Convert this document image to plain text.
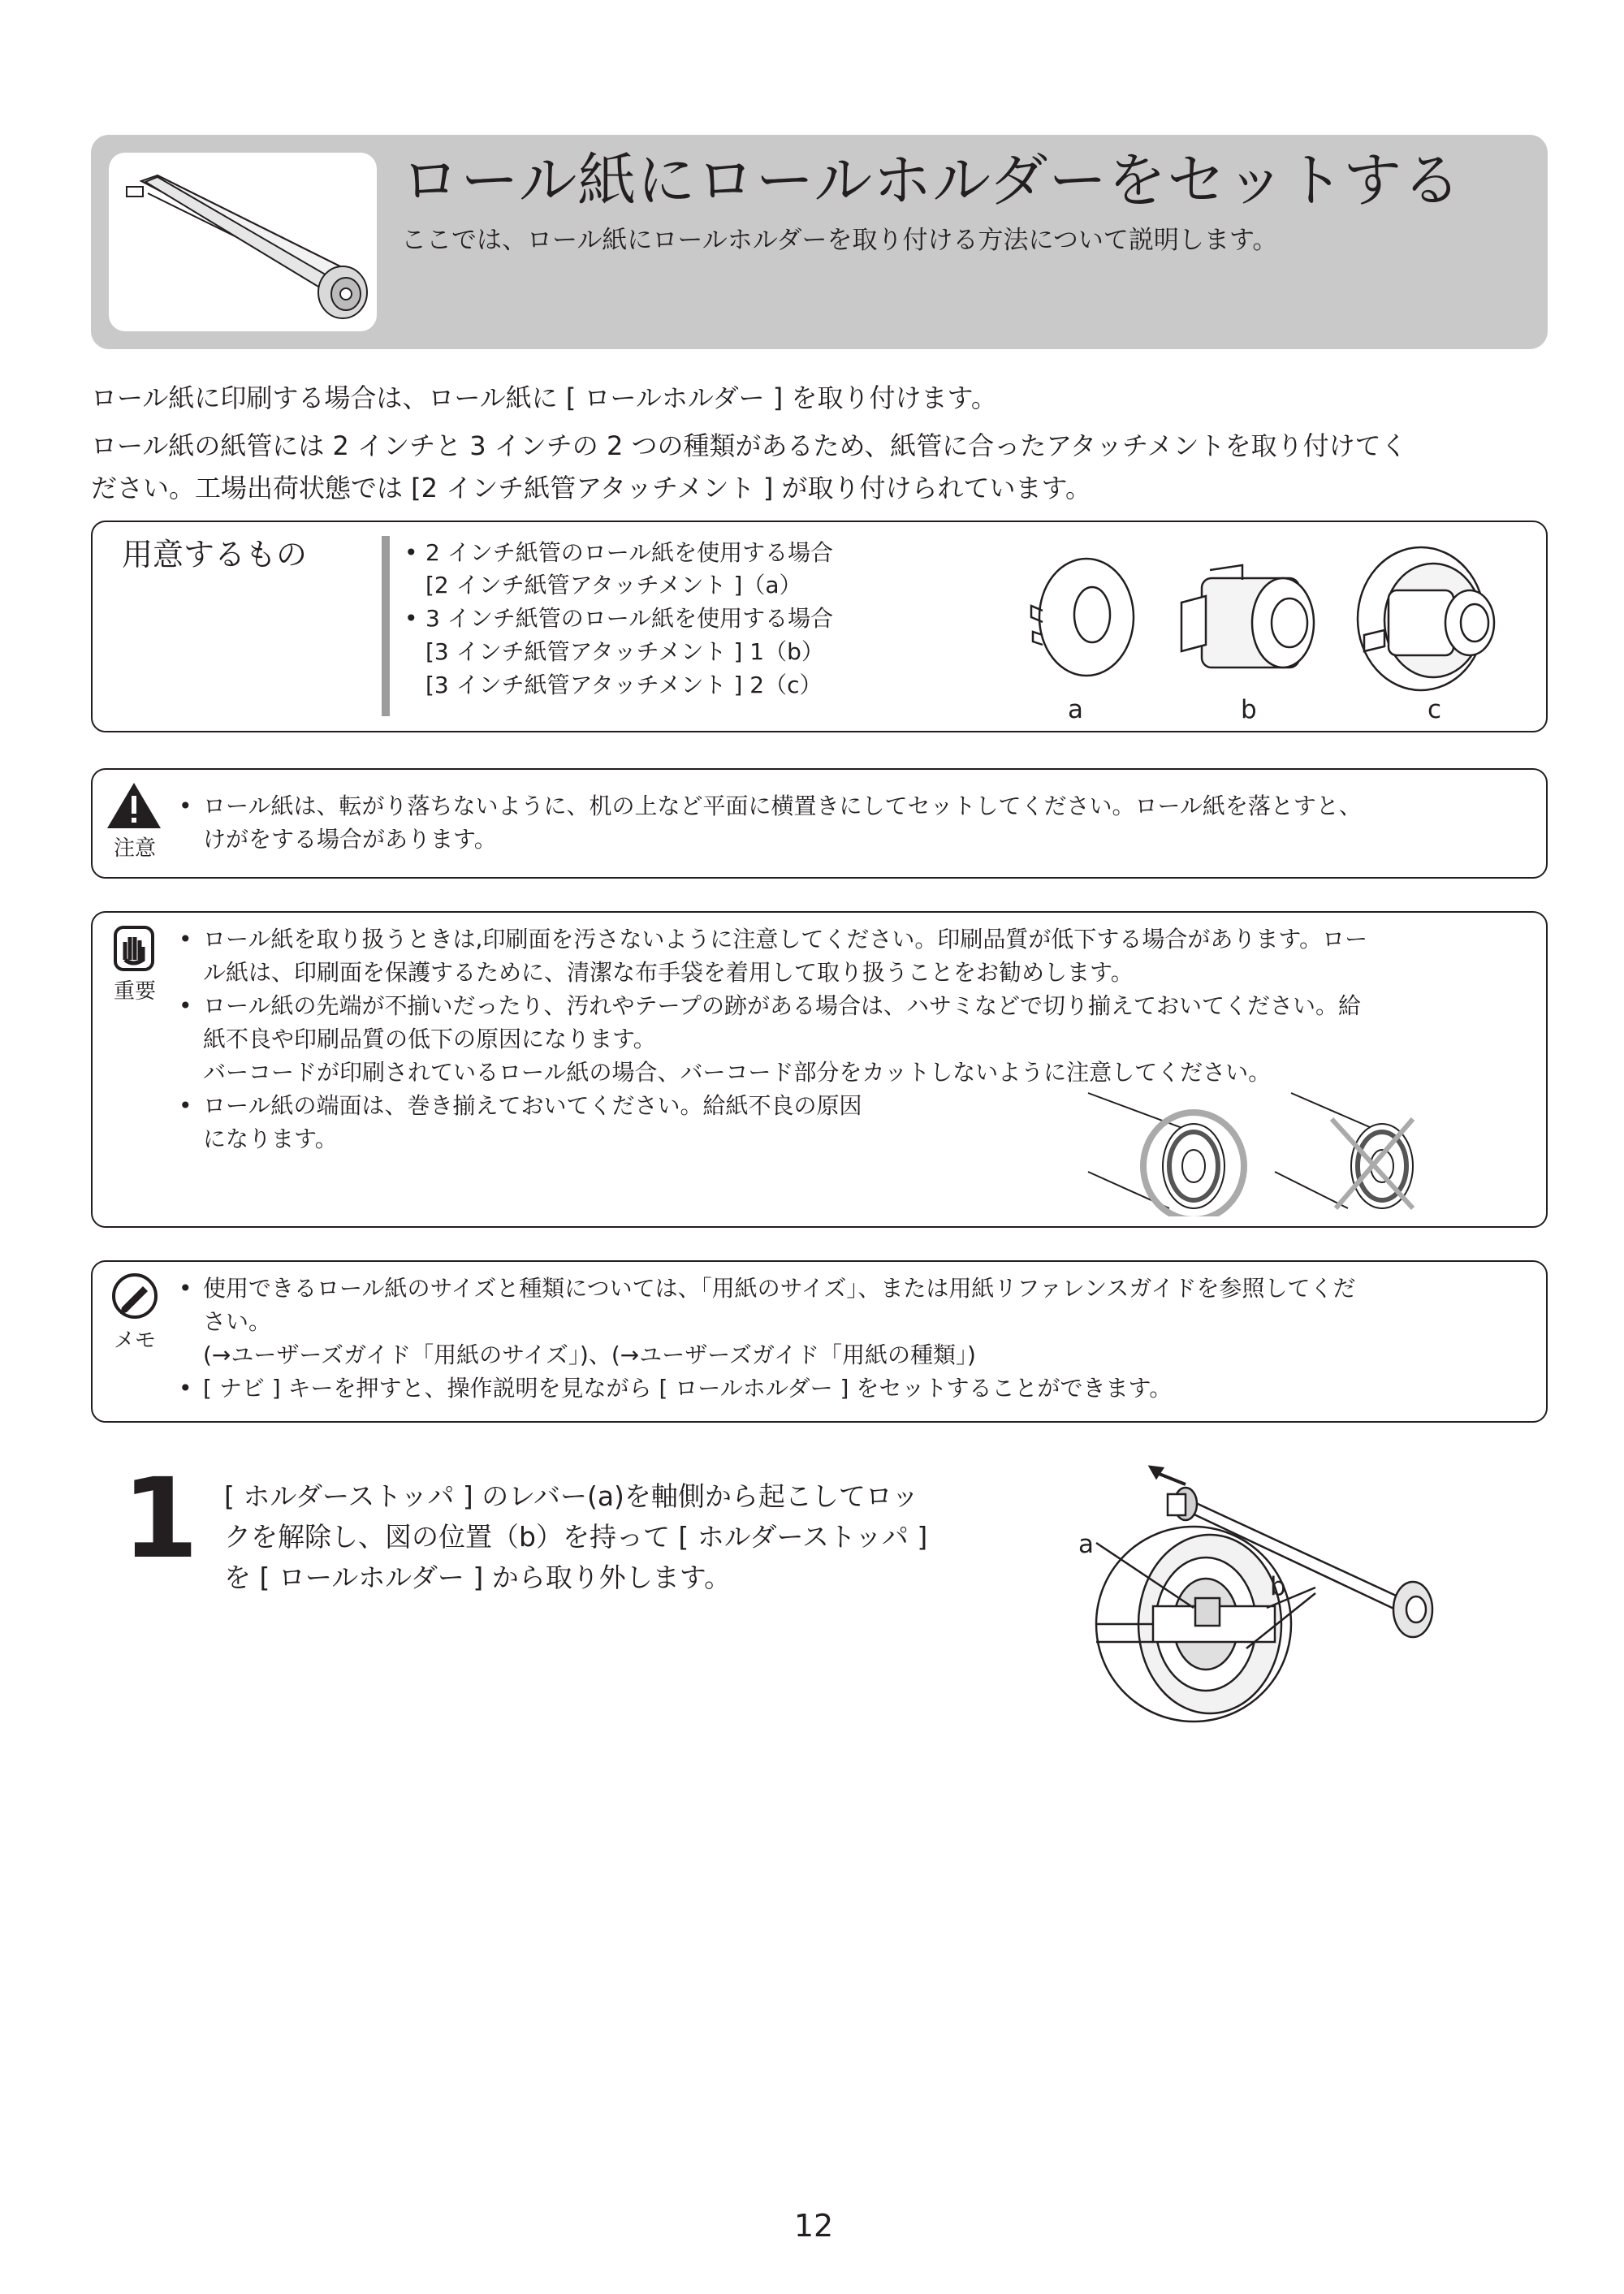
ロール紙にロールホルダーをセットする
ここでは、ロール紙にロールホルダーを取り付ける方法について説明します。
ロール紙に印刷する場合は、ロール紙に [ ロールホルダー ] を取り付けます。
ロール紙の紙管には 2 インチと 3 インチの 2 つの種類があるため、紙管に合ったアタッチメントを取り付けてく
ださい。工場出荷状態では [2 インチ紙管アタッチメント ] が取り付けられています。
用意するもの	• 2 インチ紙管のロール紙を使用する場合
[2 インチ紙管アタッチメント ]（a）
• 3 インチ紙管のロール紙を使用する場合
[3 インチ紙管アタッチメント ] 1（b）
[3 インチ紙管アタッチメント ] 2（c）
a	b	c
注意
• ロール紙は、転がり落ちないように、机の上など平面に横置きにしてセットしてください。ロール紙を落とすと、
けがをする場合があります。
重要
• ロール紙を取り扱うときは,印刷面を汚さないように注意してください。印刷品質が低下する場合があります。ロー
ル紙は、印刷面を保護するために、清潔な布手袋を着用して取り扱うことをお勧めします。
• ロール紙の先端が不揃いだったり、汚れやテープの跡がある場合は、ハサミなどで切り揃えておいてください。給
紙不良や印刷品質の低下の原因になります。
バーコードが印刷されているロール紙の場合、バーコード部分をカットしないように注意してください。
• ロール紙の端面は、巻き揃えておいてください。給紙不良の原因
になります。
メモ
• 使用できるロール紙のサイズと種類については、「用紙のサイズ」、または用紙リファレンスガイドを参照してくだ
さい。
(→ユーザーズガイド「用紙のサイズ」)、(→ユーザーズガイド「用紙の種類」)
• [ ナビ ] キーを押すと、操作説明を見ながら [ ロールホルダー ] をセットすることができます。
1 [ ホルダーストッパ ] のレバー(a)を軸側から起こしてロッ
クを解除し、図の位置（b）を持って [ ホルダーストッパ ]
を [ ロールホルダー ] から取り外します。
a
b
12
